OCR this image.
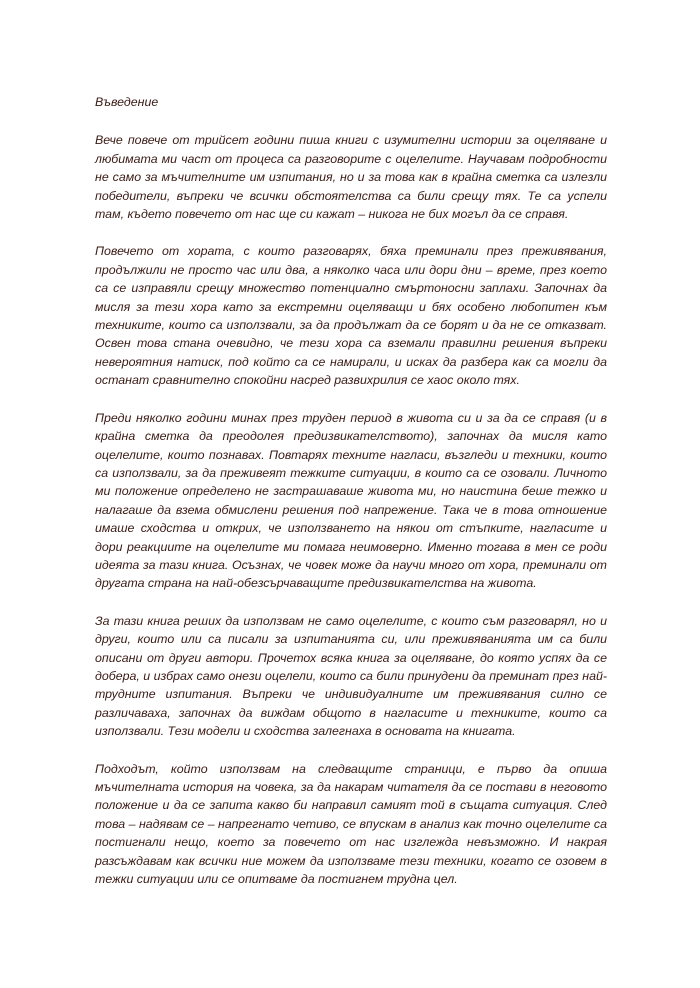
Въведение

Вече повече от трийсет години пиша книги с изумителни истории за оцеляване и любимата ми част от процеса са разговорите с оцелелите. Научавам подробности не само за мъчителните им изпитания, но и за това как в крайна сметка са излезли победители, въпреки че всички обстоятелства са били срещу тях. Те са успели там, където повечето от нас ще си кажат – никога не бих могъл да се справя.

Повечето от хората, с които разговарях, бяха преминали през преживявания, продължили не просто час или два, а няколко часа или дори дни – време, през което са се изправяли срещу множество потенциално смъртоносни заплахи. Започнах да мисля за тези хора като за екстремни оцеляващи и бях особено любопитен към техниките, които са използвали, за да продължат да се борят и да не се отказват. Освен това стана очевидно, че тези хора са вземали правилни решения въпреки невероятния натиск, под който са се намирали, и исках да разбера как са могли да останат сравнително спокойни насред развихрилия се хаос около тях.

Преди няколко години минах през труден период в живота си и за да се справя (и в крайна сметка да преодолея предизвикателството), започнах да мисля като оцелелите, които познавах. Повтарях техните нагласи, възгледи и техники, които са използвали, за да преживеят тежките ситуации, в които са се озовали. Личното ми положение определено не застрашаваше живота ми, но наистина беше тежко и налагаше да взема обмислени решения под напрежение. Така че в това отношение имаше сходства и открих, че използването на някои от стъпките, нагласите и дори реакциите на оцелелите ми помага неимоверно. Именно тогава в мен се роди идеята за тази книга. Осъзнах, че човек може да научи много от хора, преминали от другата страна на най-обезсърчаващите предизвикателства на живота.

За тази книга реших да използвам не само оцелелите, с които съм разговарял, но и други, които или са писали за изпитанията си, или преживяванията им са били описани от други автори. Прочетох всяка книга за оцеляване, до която успях да се добера, и избрах само онези оцелели, които са били принудени да преминат през най-трудните изпитания. Въпреки че индивидуалните им преживявания силно се различаваха, започнах да виждам общото в нагласите и техниките, които са използвали. Тези модели и сходства залегнаха в основата на книгата.

Подходът, който използвам на следващите страници, е първо да опиша мъчителната история на човека, за да накарам читателя да се постави в неговото положение и да се запита какво би направил самият той в същата ситуация. След това – надявам се – напрегнато четиво, се впускам в анализ как точно оцелелите са постигнали нещо, което за повечето от нас изглежда невъзможно. И накрая разсъждавам как всички ние можем да използваме тези техники, когато се озовем в тежки ситуации или се опитваме да постигнем трудна цел.
